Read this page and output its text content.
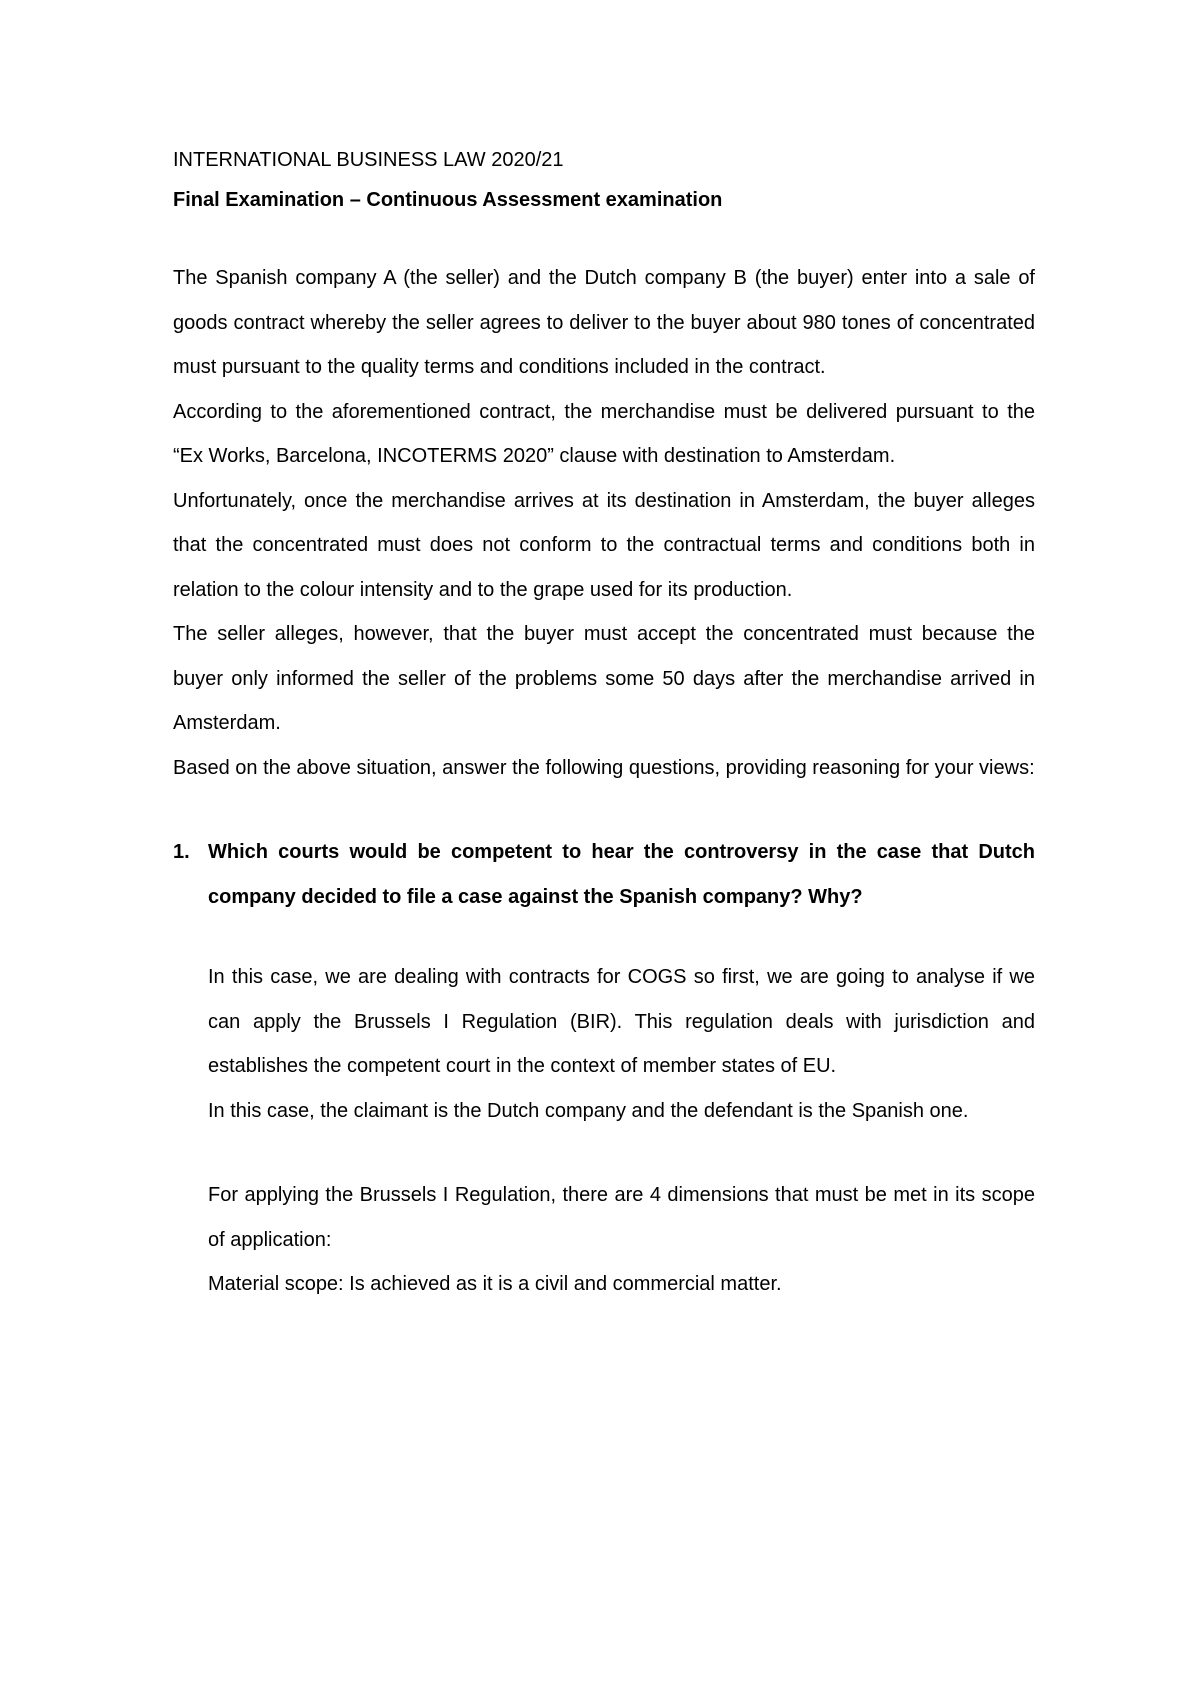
INTERNATIONAL BUSINESS LAW 2020/21

Final Examination – Continuous Assessment examination

The Spanish company A (the seller) and the Dutch company B (the buyer) enter into a sale of goods contract whereby the seller agrees to deliver to the buyer about 980 tones of concentrated must pursuant to the quality terms and conditions included in the contract.

According to the aforementioned contract, the merchandise must be delivered pursuant to the “Ex Works, Barcelona, INCOTERMS 2020” clause with destination to Amsterdam.

Unfortunately, once the merchandise arrives at its destination in Amsterdam, the buyer alleges that the concentrated must does not conform to the contractual terms and conditions both in relation to the colour intensity and to the grape used for its production.

The seller alleges, however, that the buyer must accept the concentrated must because the buyer only informed the seller of the problems some 50 days after the merchandise arrived in Amsterdam.

Based on the above situation, answer the following questions, providing reasoning for your views:

1. Which courts would be competent to hear the controversy in the case that Dutch company decided to file a case against the Spanish company? Why?

In this case, we are dealing with contracts for COGS so first, we are going to analyse if we can apply the Brussels I Regulation (BIR). This regulation deals with jurisdiction and establishes the competent court in the context of member states of EU.

In this case, the claimant is the Dutch company and the defendant is the Spanish one.

For applying the Brussels I Regulation, there are 4 dimensions that must be met in its scope of application:

Material scope: Is achieved as it is a civil and commercial matter.
